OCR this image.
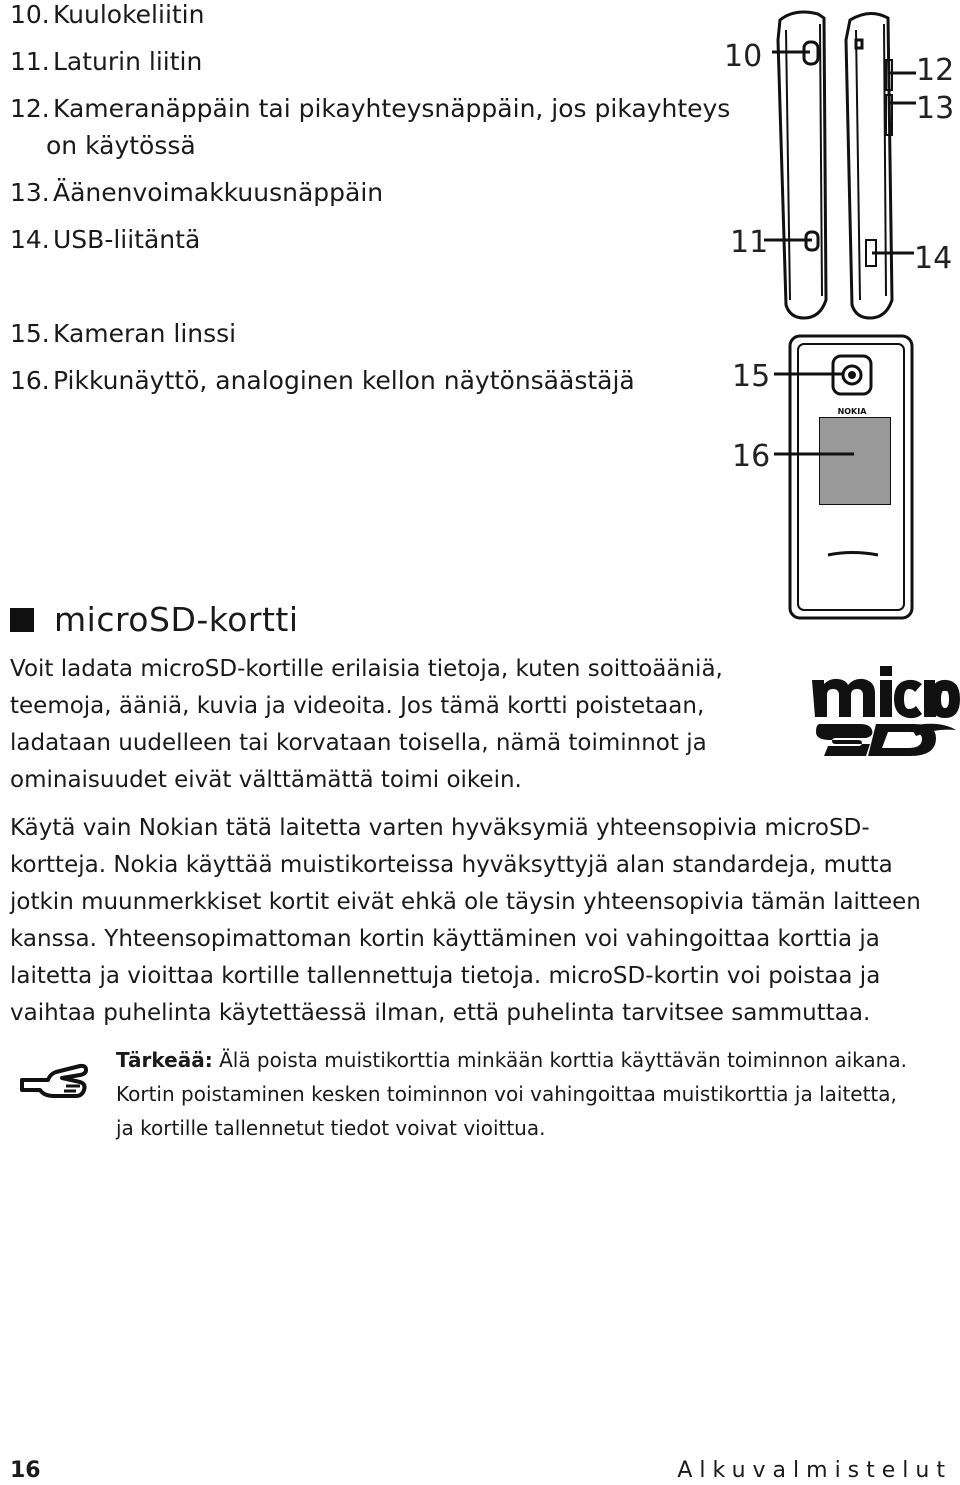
10. Kuulokeliitin
11. Laturin liitin
12. Kameranäppäin tai pikayhteysnäppäin, jos pikayhteys
on käytössä
13. Äänenvoimakkuusnäppäin
14. USB-liitäntä
15. Kameran linssi
16. Pikkunäyttö, analoginen kellon näytönsäästäjä
NOKIA
10
11
12
13
14
15
16
microSD-kortti

Voit ladata microSD-kortille erilaisia tietoja, kuten soittoääniä,

teemoja, ääniä, kuvia ja videoita. Jos tämä kortti poistetaan,

ladataan uudelleen tai korvataan toisella, nämä toiminnot ja

ominaisuudet eivät välttämättä toimi oikein.

Käytä vain Nokian tätä laitetta varten hyväksymiä yhteensopivia microSD-

kortteja. Nokia käyttää muistikorteissa hyväksyttyjä alan standardeja, mutta

jotkin muunmerkkiset kortit eivät ehkä ole täysin yhteensopivia tämän laitteen

kanssa. Yhteensopimattoman kortin käyttäminen voi vahingoittaa korttia ja

laitetta ja vioittaa kortille tallennettuja tietoja. microSD-kortin voi poistaa ja

vaihtaa puhelinta käytettäessä ilman, että puhelinta tarvitsee sammuttaa.

Tärkeää: Älä poista muistikorttia minkään korttia käyttävän toiminnon aikana.
Kortin poistaminen kesken toiminnon voi vahingoittaa muistikorttia ja laitetta,
ja kortille tallennetut tiedot voivat vioittua.

16	Alkuvalmistelut
